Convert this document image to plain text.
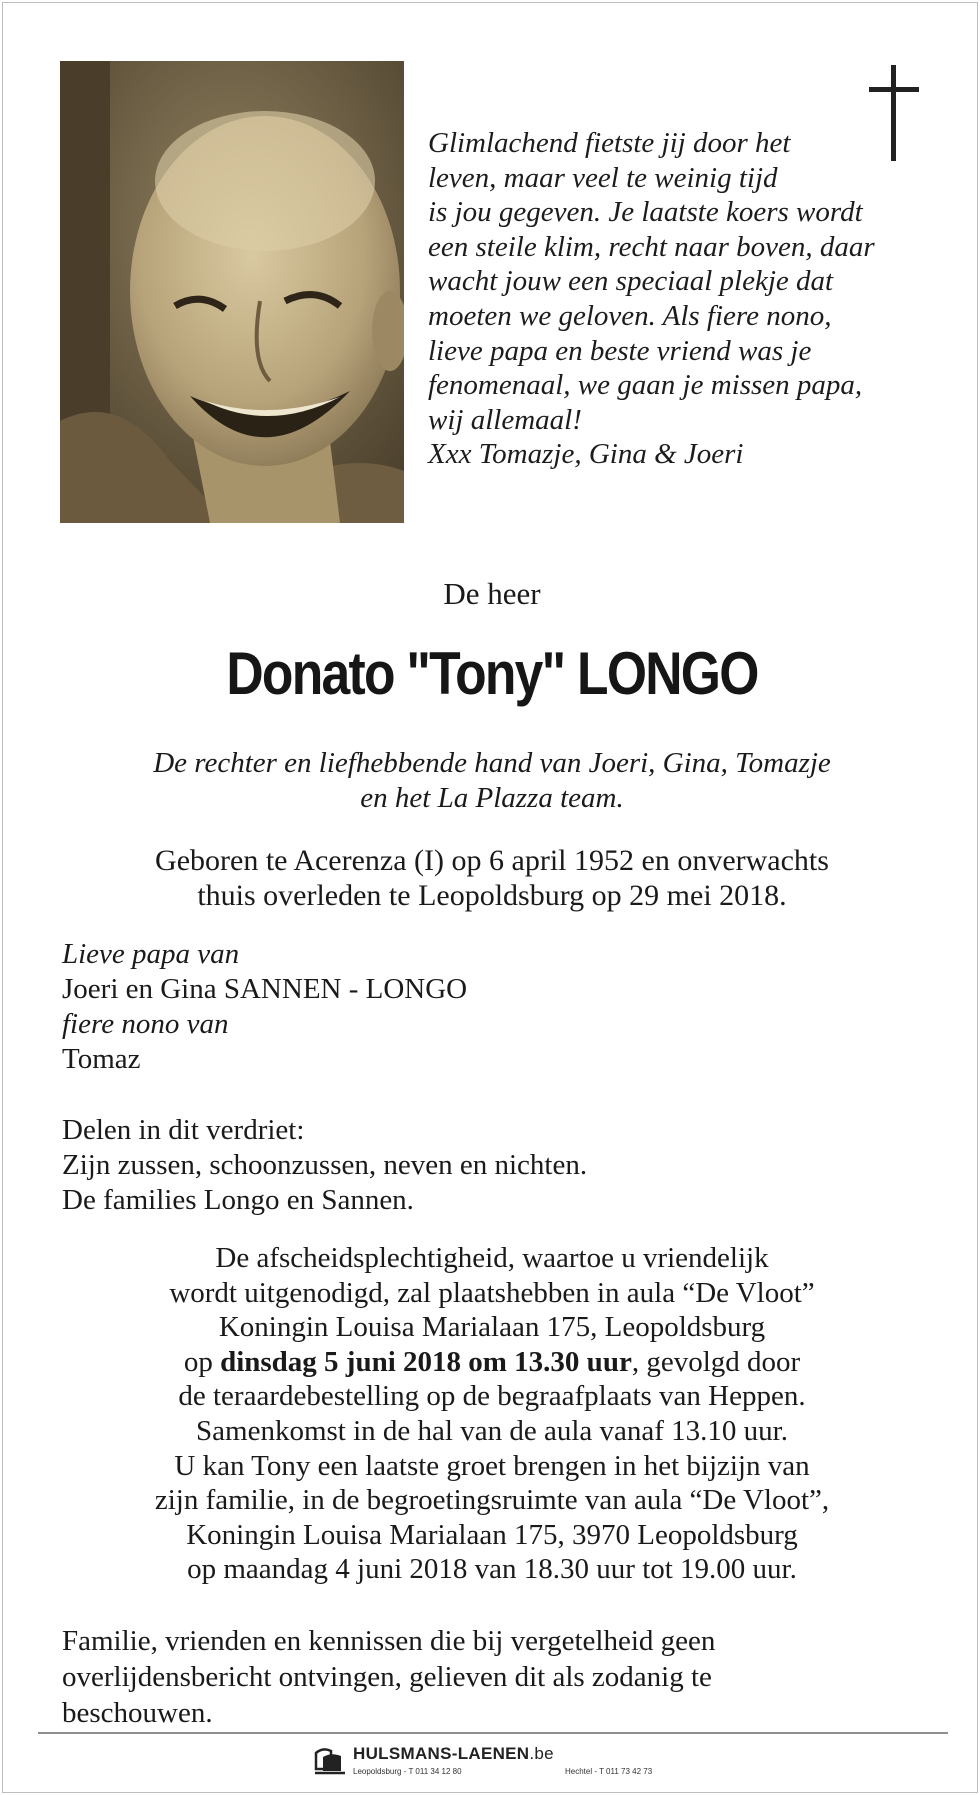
Glimlachend fietste jij door het
leven, maar veel te weinig tijd
is jou gegeven. Je laatste koers wordt
een steile klim, recht naar boven, daar
wacht jouw een speciaal plekje dat
moeten we geloven. Als fiere nono,
lieve papa en beste vriend was je
fenomenaal, we gaan je missen papa,
wij allemaal!
Xxx Tomazje, Gina & Joeri
De heer
Donato "Tony" LONGO
De rechter en liefhebbende hand van Joeri, Gina, Tomazje
en het La Plazza team.
Geboren te Acerenza (I) op 6 april 1952 en onverwachts
thuis overleden te Leopoldsburg op 29 mei 2018.
Lieve papa van
Joeri en Gina SANNEN - LONGO
fiere nono van
Tomaz
Delen in dit verdriet:
Zijn zussen, schoonzussen, neven en nichten.
De families Longo en Sannen.
De afscheidsplechtigheid, waartoe u vriendelijk
wordt uitgenodigd, zal plaatshebben in aula “De Vloot”
Koningin Louisa Marialaan 175, Leopoldsburg
op dinsdag 5 juni 2018 om 13.30 uur, gevolgd door
de teraardebestelling op de begraafplaats van Heppen.
Samenkomst in de hal van de aula vanaf 13.10 uur.
U kan Tony een laatste groet brengen in het bijzijn van
zijn familie, in de begroetingsruimte van aula “De Vloot”,
Koningin Louisa Marialaan 175, 3970 Leopoldsburg
op maandag 4 juni 2018 van 18.30 uur tot 19.00 uur.
Familie, vrienden en kennissen die bij vergetelheid geen
overlijdensbericht ontvingen, gelieven dit als zodanig te
beschouwen.
HULSMANS-LAENEN.be
Leopoldsburg - T 011 34 12 80	Hechtel - T 011 73 42 73
